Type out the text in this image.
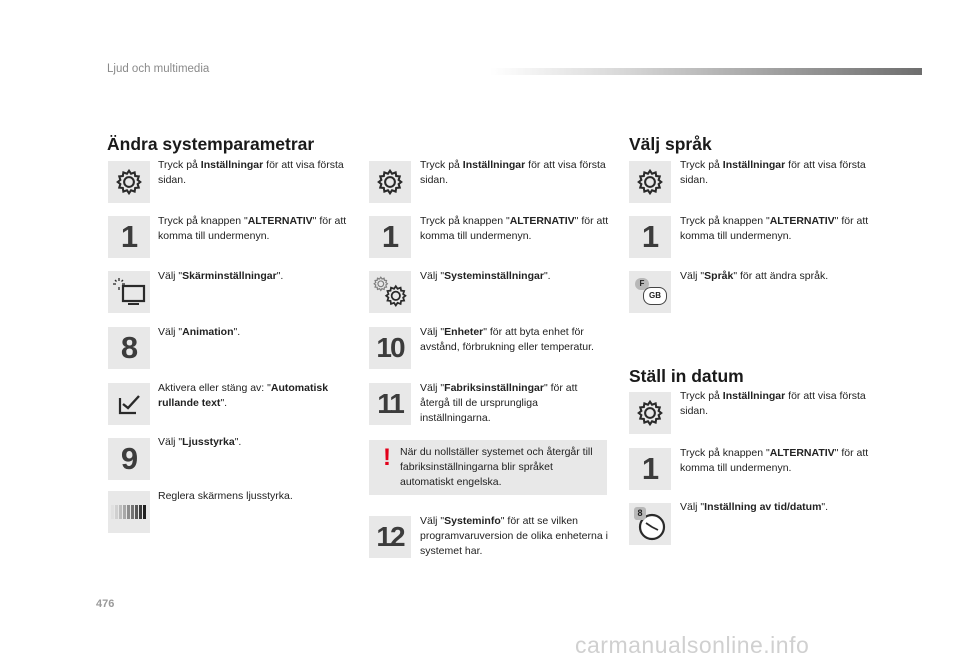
Ljud och multimedia
Ändra systemparametrar	Välj språk
Ställ in datum
Tryck på Inställningar för att visa första sidan.
1 Tryck på knappen "ALTERNATIV" för att komma till undermenyn.
Välj "Skärminställningar".
8 Välj "Animation".
Aktivera eller stäng av: "Automatisk rullande text".
9 Välj "Ljusstyrka".
Reglera skärmens ljusstyrka.
Tryck på Inställningar för att visa första sidan.
1 Tryck på knappen "ALTERNATIV" för att komma till undermenyn.
Välj "Systeminställningar".
10 Välj "Enheter" för att byta enhet för avstånd, förbrukning eller temperatur.
11 Välj "Fabriksinställningar" för att återgå till de ursprungliga inställningarna.
! När du nollställer systemet och återgår till fabriksinställningarna blir språket automatiskt engelska.
12 Välj "Systeminfo" för att se vilken programvaruversion de olika enheterna i systemet har.
Tryck på Inställningar för att visa första sidan.
1 Tryck på knappen "ALTERNATIV" för att komma till undermenyn.
F
GB
Välj "Språk" för att ändra språk.
Tryck på Inställningar för att visa första sidan.
1 Tryck på knappen "ALTERNATIV" för att komma till undermenyn.
8	Välj "Inställning av tid/datum".
476
carmanualsonline.info
